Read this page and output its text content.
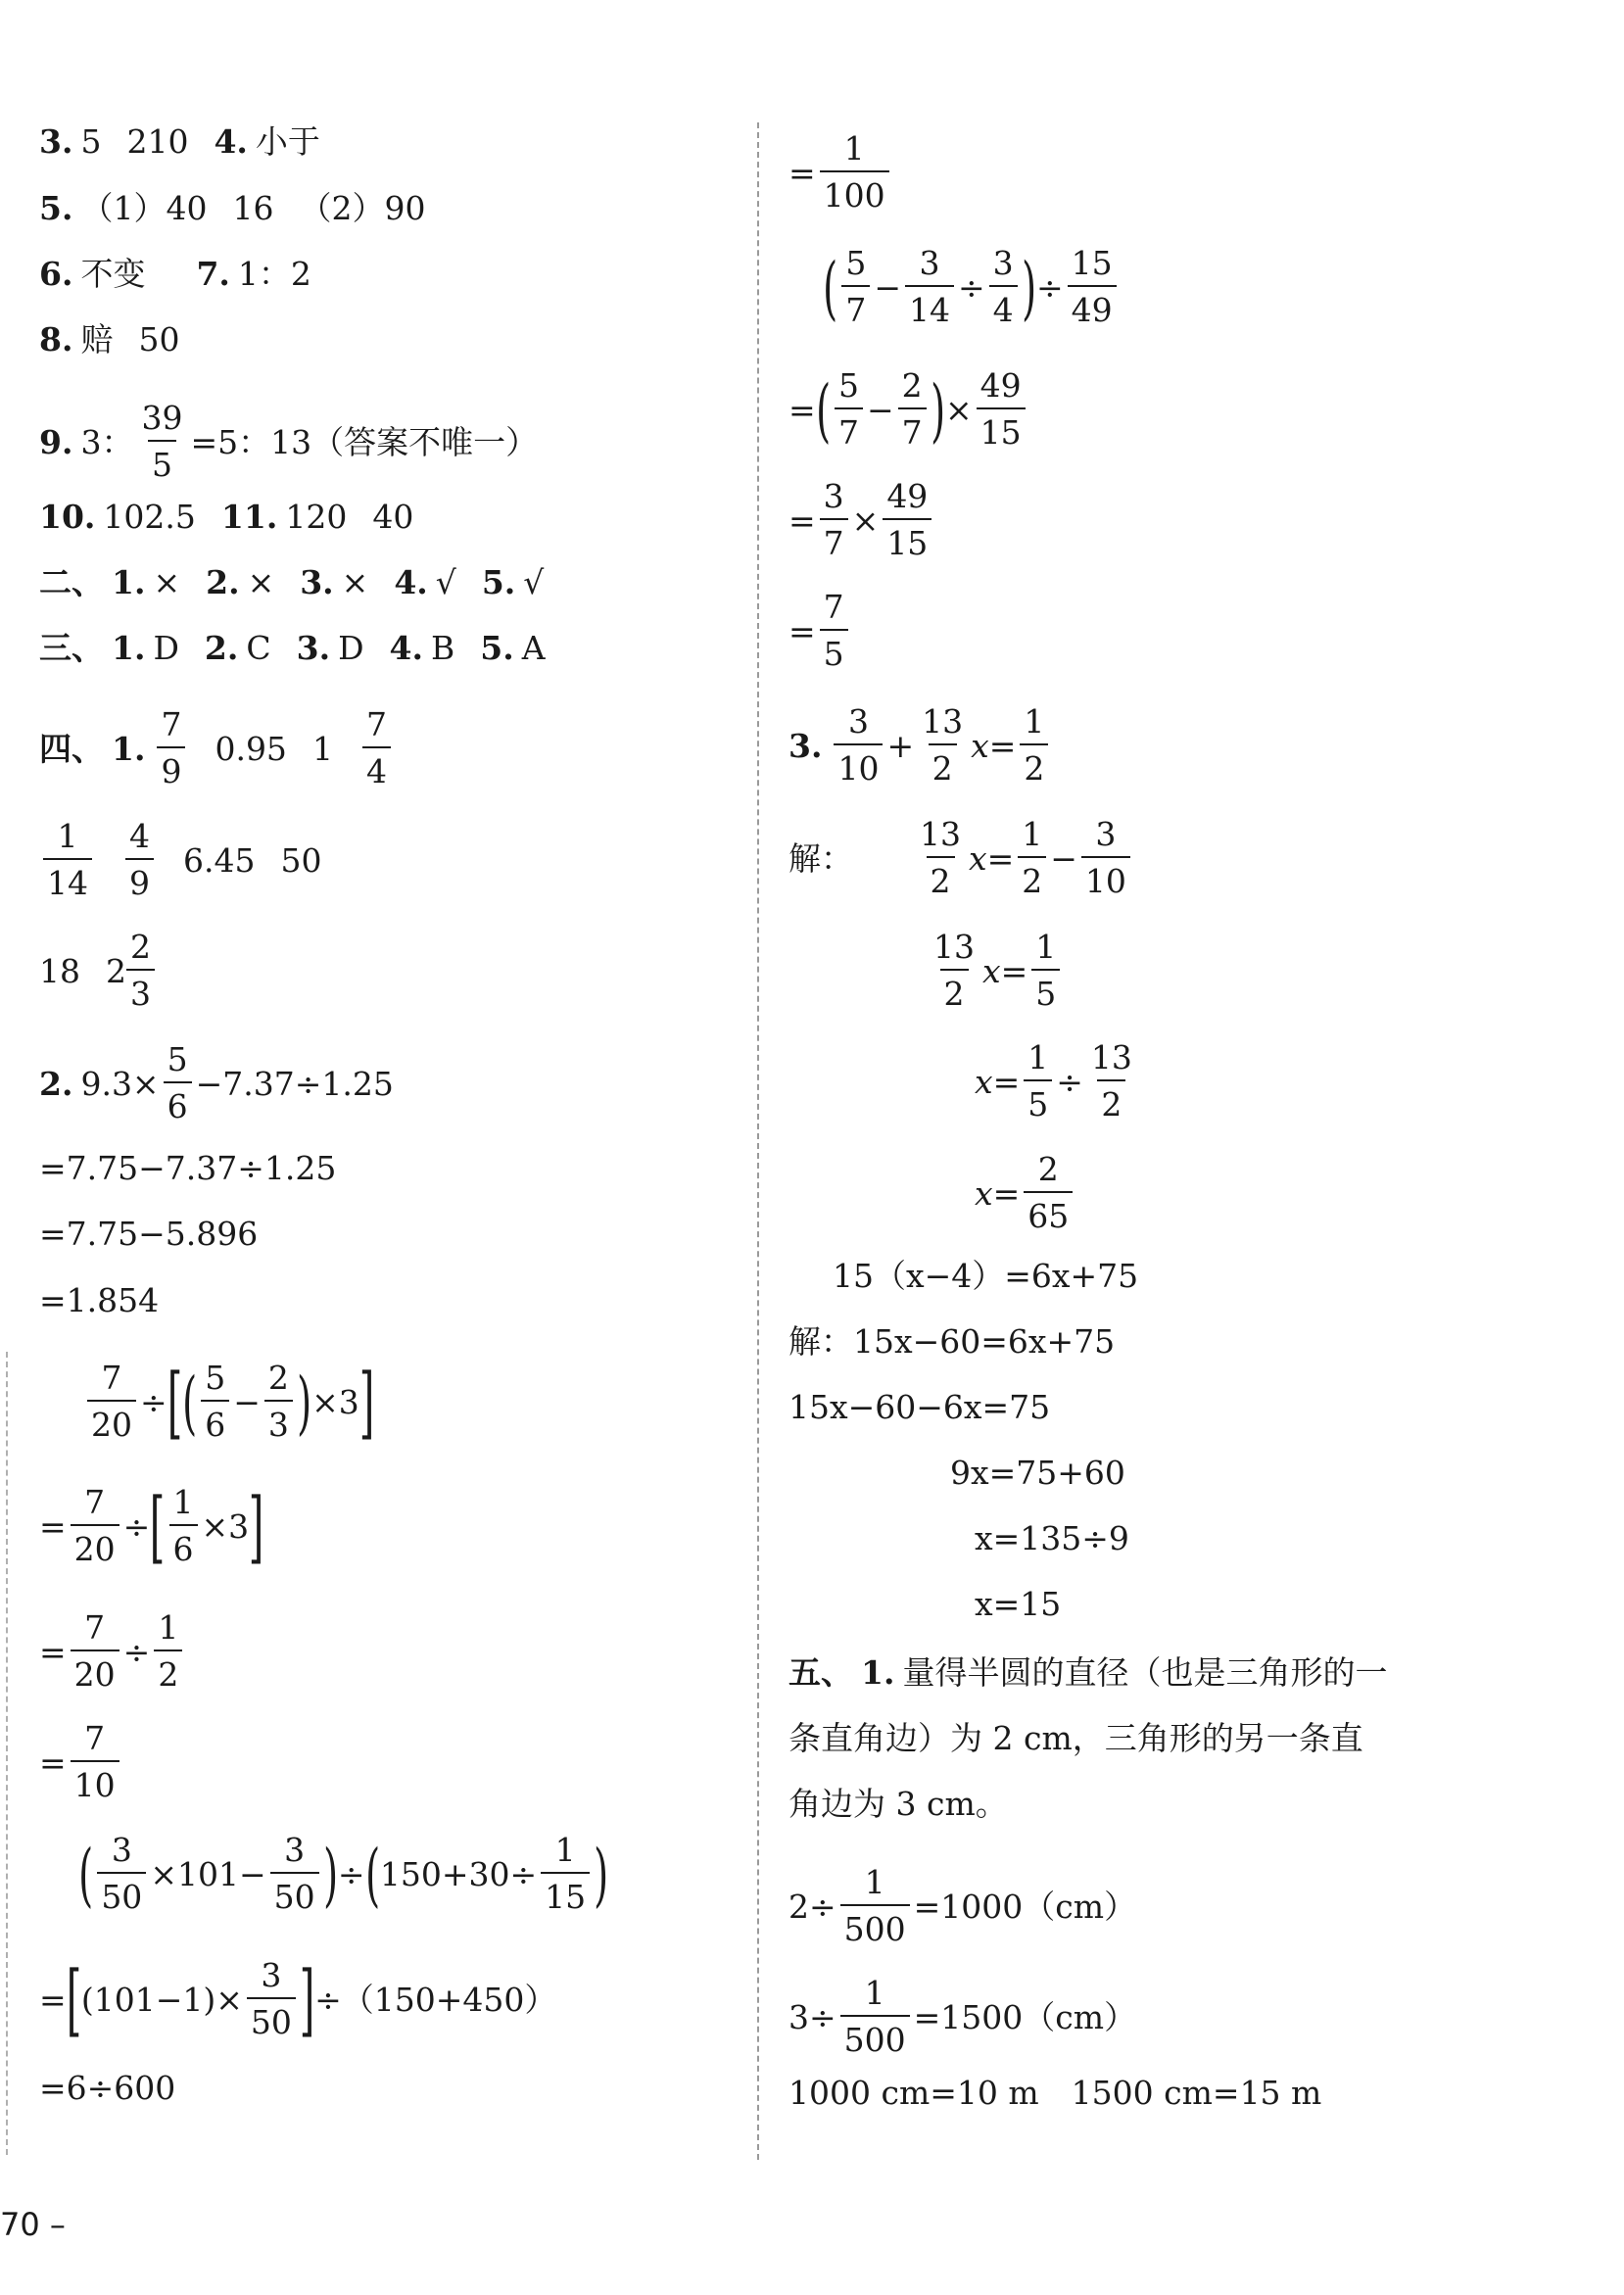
3. 5 210 4. 小于
5. （1）40 16 （2）90
6. 不变 7. 1：2
8. 赔 50
9. 3： $\frac{39}{5} =5$：13（答案不唯一）
10. 102.5 11. 120 40
二、 1. × 2. × 3. × 4. √ 5. √
三、 1. D 2. C 3. D 4. B 5. A
四、 1. $\frac{7}{9} 0.95$ $1 \frac{7}{4}$
$\frac{1}{14} \frac{4}{9} 6.45$ 50
18 $2 \frac{2}{3}$
2. $9.3\times \frac{5}{6} -7.37\div 1.25$
=7.75−7.37÷1.25
=7.75−5.896
=1.854
$\frac{7}{20}$ ÷ [ ( $\frac{5}{6} - \frac{2}{3}$ ) ×3 ]
= $\frac{7}{20}$ ÷ [ $\frac{1}{6} \times 3$ ]
= $\frac{7}{20} \div \frac{1}{2}$
= $\frac{7}{10}$
( $\frac{3}{50} \times 101- \frac{3}{50}$ ) ÷ ( $150+30\div \frac{1}{15}$ )
= [ $(101-1)\times \frac{3}{50}$ ] ÷（150+450）
=6÷600
= $\frac{1}{100}$
( $\frac{5}{7} - \frac{3}{14} \div \frac{3}{4}$ ) ÷ $\frac{15}{49}$
= ( $\frac{5}{7} - \frac{2}{7}$ ) × $\frac{49}{15}$
= $\frac{3}{7} \times \frac{49}{15}$
= $\frac{7}{5}$
3. $\frac{3}{10} + \frac{13}{2} x= \frac{1}{2}$
解： $\frac{13}{2} x= \frac{1}{2} - \frac{3}{10}$
$\frac{13}{2} x= \frac{1}{5}$
$x= \frac{1}{5} \div \frac{13}{2}$
$x= \frac{2}{65}$
15（x−4）=6x+75
解：15x−60=6x+75
15x−60−6x=75
9x=75+60
x=135÷9
x=15
五、 1. 量得半圆的直径（也是三角形的一
条直角边）为 2 cm，三角形的另一条直
角边为 3 cm。
$2\div \frac{1}{500} =1000(cm)$
$3\div \frac{1}{500} =1500(cm)$
1000 cm=10 m　1500 cm=15 m
70 –
